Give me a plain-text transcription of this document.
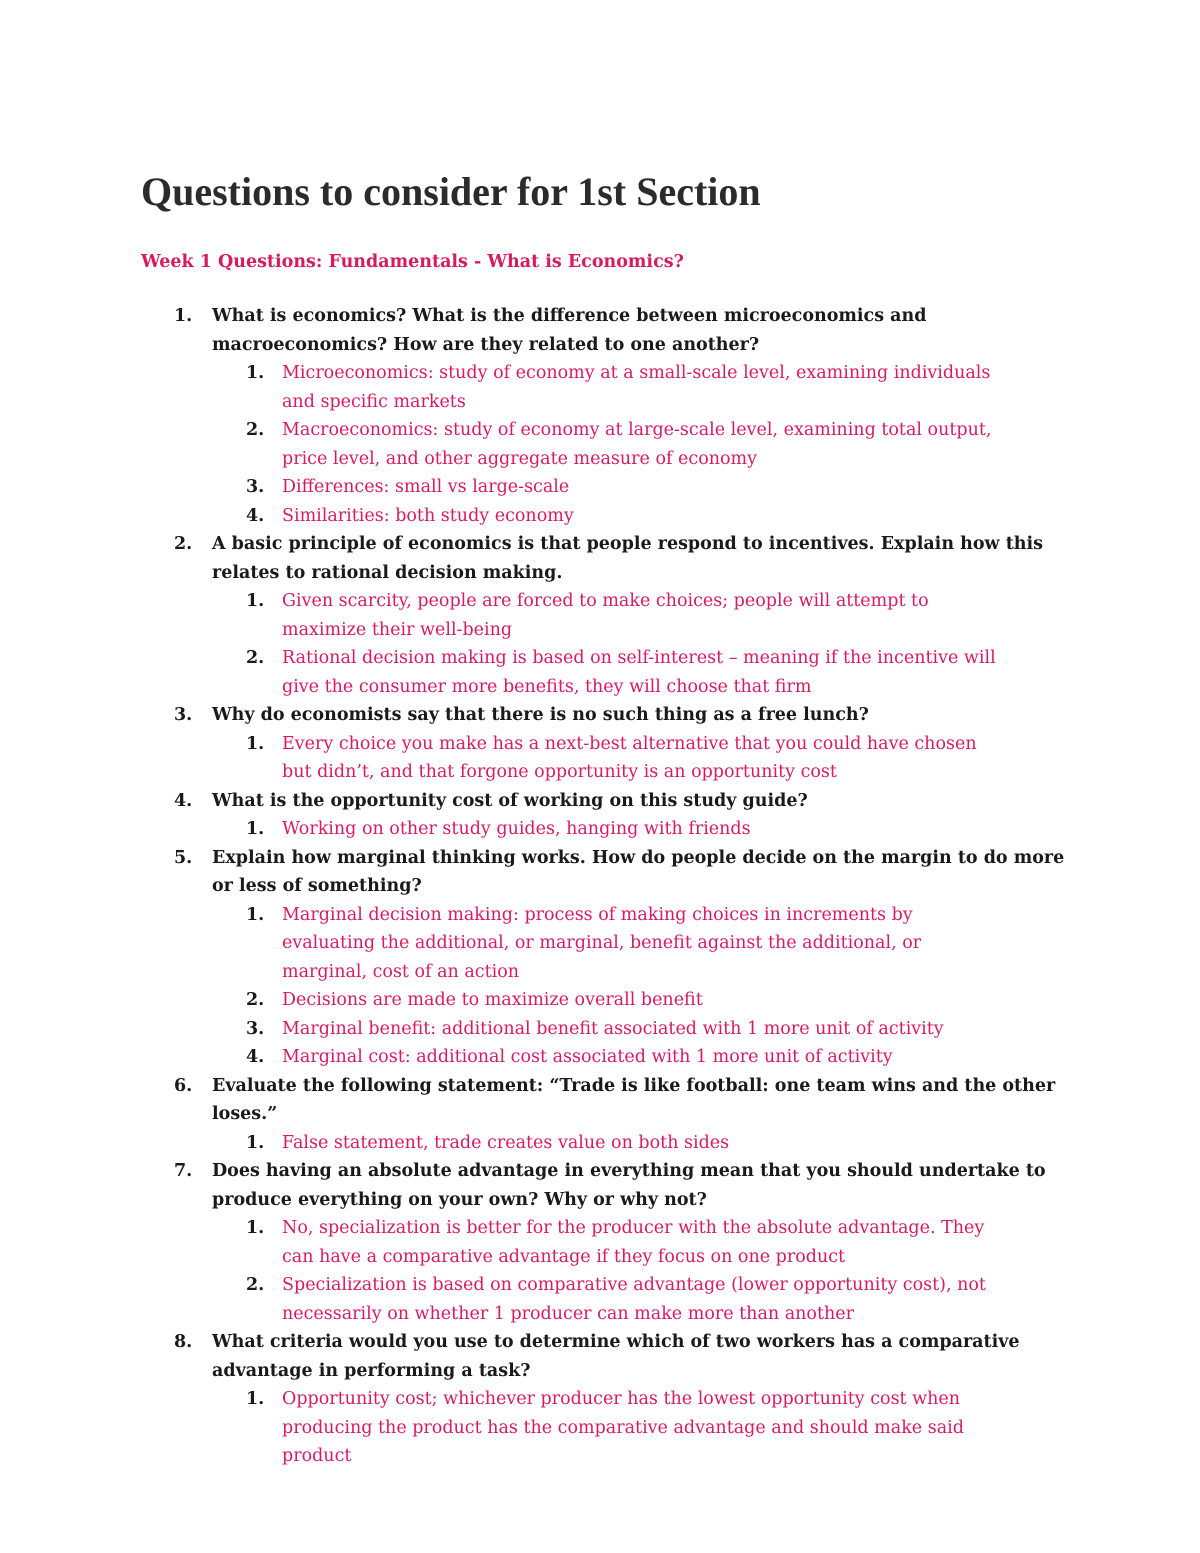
Questions to consider for 1st Section
Week 1 Questions: Fundamentals - What is Economics?
1. What is economics? What is the difference between microeconomics and macroeconomics? How are they related to one another?
1. Microeconomics: study of economy at a small-scale level, examining individuals and specific markets
2. Macroeconomics: study of economy at large-scale level, examining total output, price level, and other aggregate measure of economy
3. Differences: small vs large-scale
4. Similarities: both study economy
2. A basic principle of economics is that people respond to incentives. Explain how this relates to rational decision making.
1. Given scarcity, people are forced to make choices; people will attempt to maximize their well-being
2. Rational decision making is based on self-interest – meaning if the incentive will give the consumer more benefits, they will choose that firm
3. Why do economists say that there is no such thing as a free lunch?
1. Every choice you make has a next-best alternative that you could have chosen but didn’t, and that forgone opportunity is an opportunity cost
4. What is the opportunity cost of working on this study guide?
1. Working on other study guides, hanging with friends
5. Explain how marginal thinking works. How do people decide on the margin to do more or less of something?
1. Marginal decision making: process of making choices in increments by evaluating the additional, or marginal, benefit against the additional, or marginal, cost of an action
2. Decisions are made to maximize overall benefit
3. Marginal benefit: additional benefit associated with 1 more unit of activity
4. Marginal cost: additional cost associated with 1 more unit of activity
6. Evaluate the following statement: “Trade is like football: one team wins and the other loses.”
1. False statement, trade creates value on both sides
7. Does having an absolute advantage in everything mean that you should undertake to produce everything on your own? Why or why not?
1. No, specialization is better for the producer with the absolute advantage. They can have a comparative advantage if they focus on one product
2. Specialization is based on comparative advantage (lower opportunity cost), not necessarily on whether 1 producer can make more than another
8. What criteria would you use to determine which of two workers has a comparative advantage in performing a task?
1. Opportunity cost; whichever producer has the lowest opportunity cost when producing the product has the comparative advantage and should make said product
